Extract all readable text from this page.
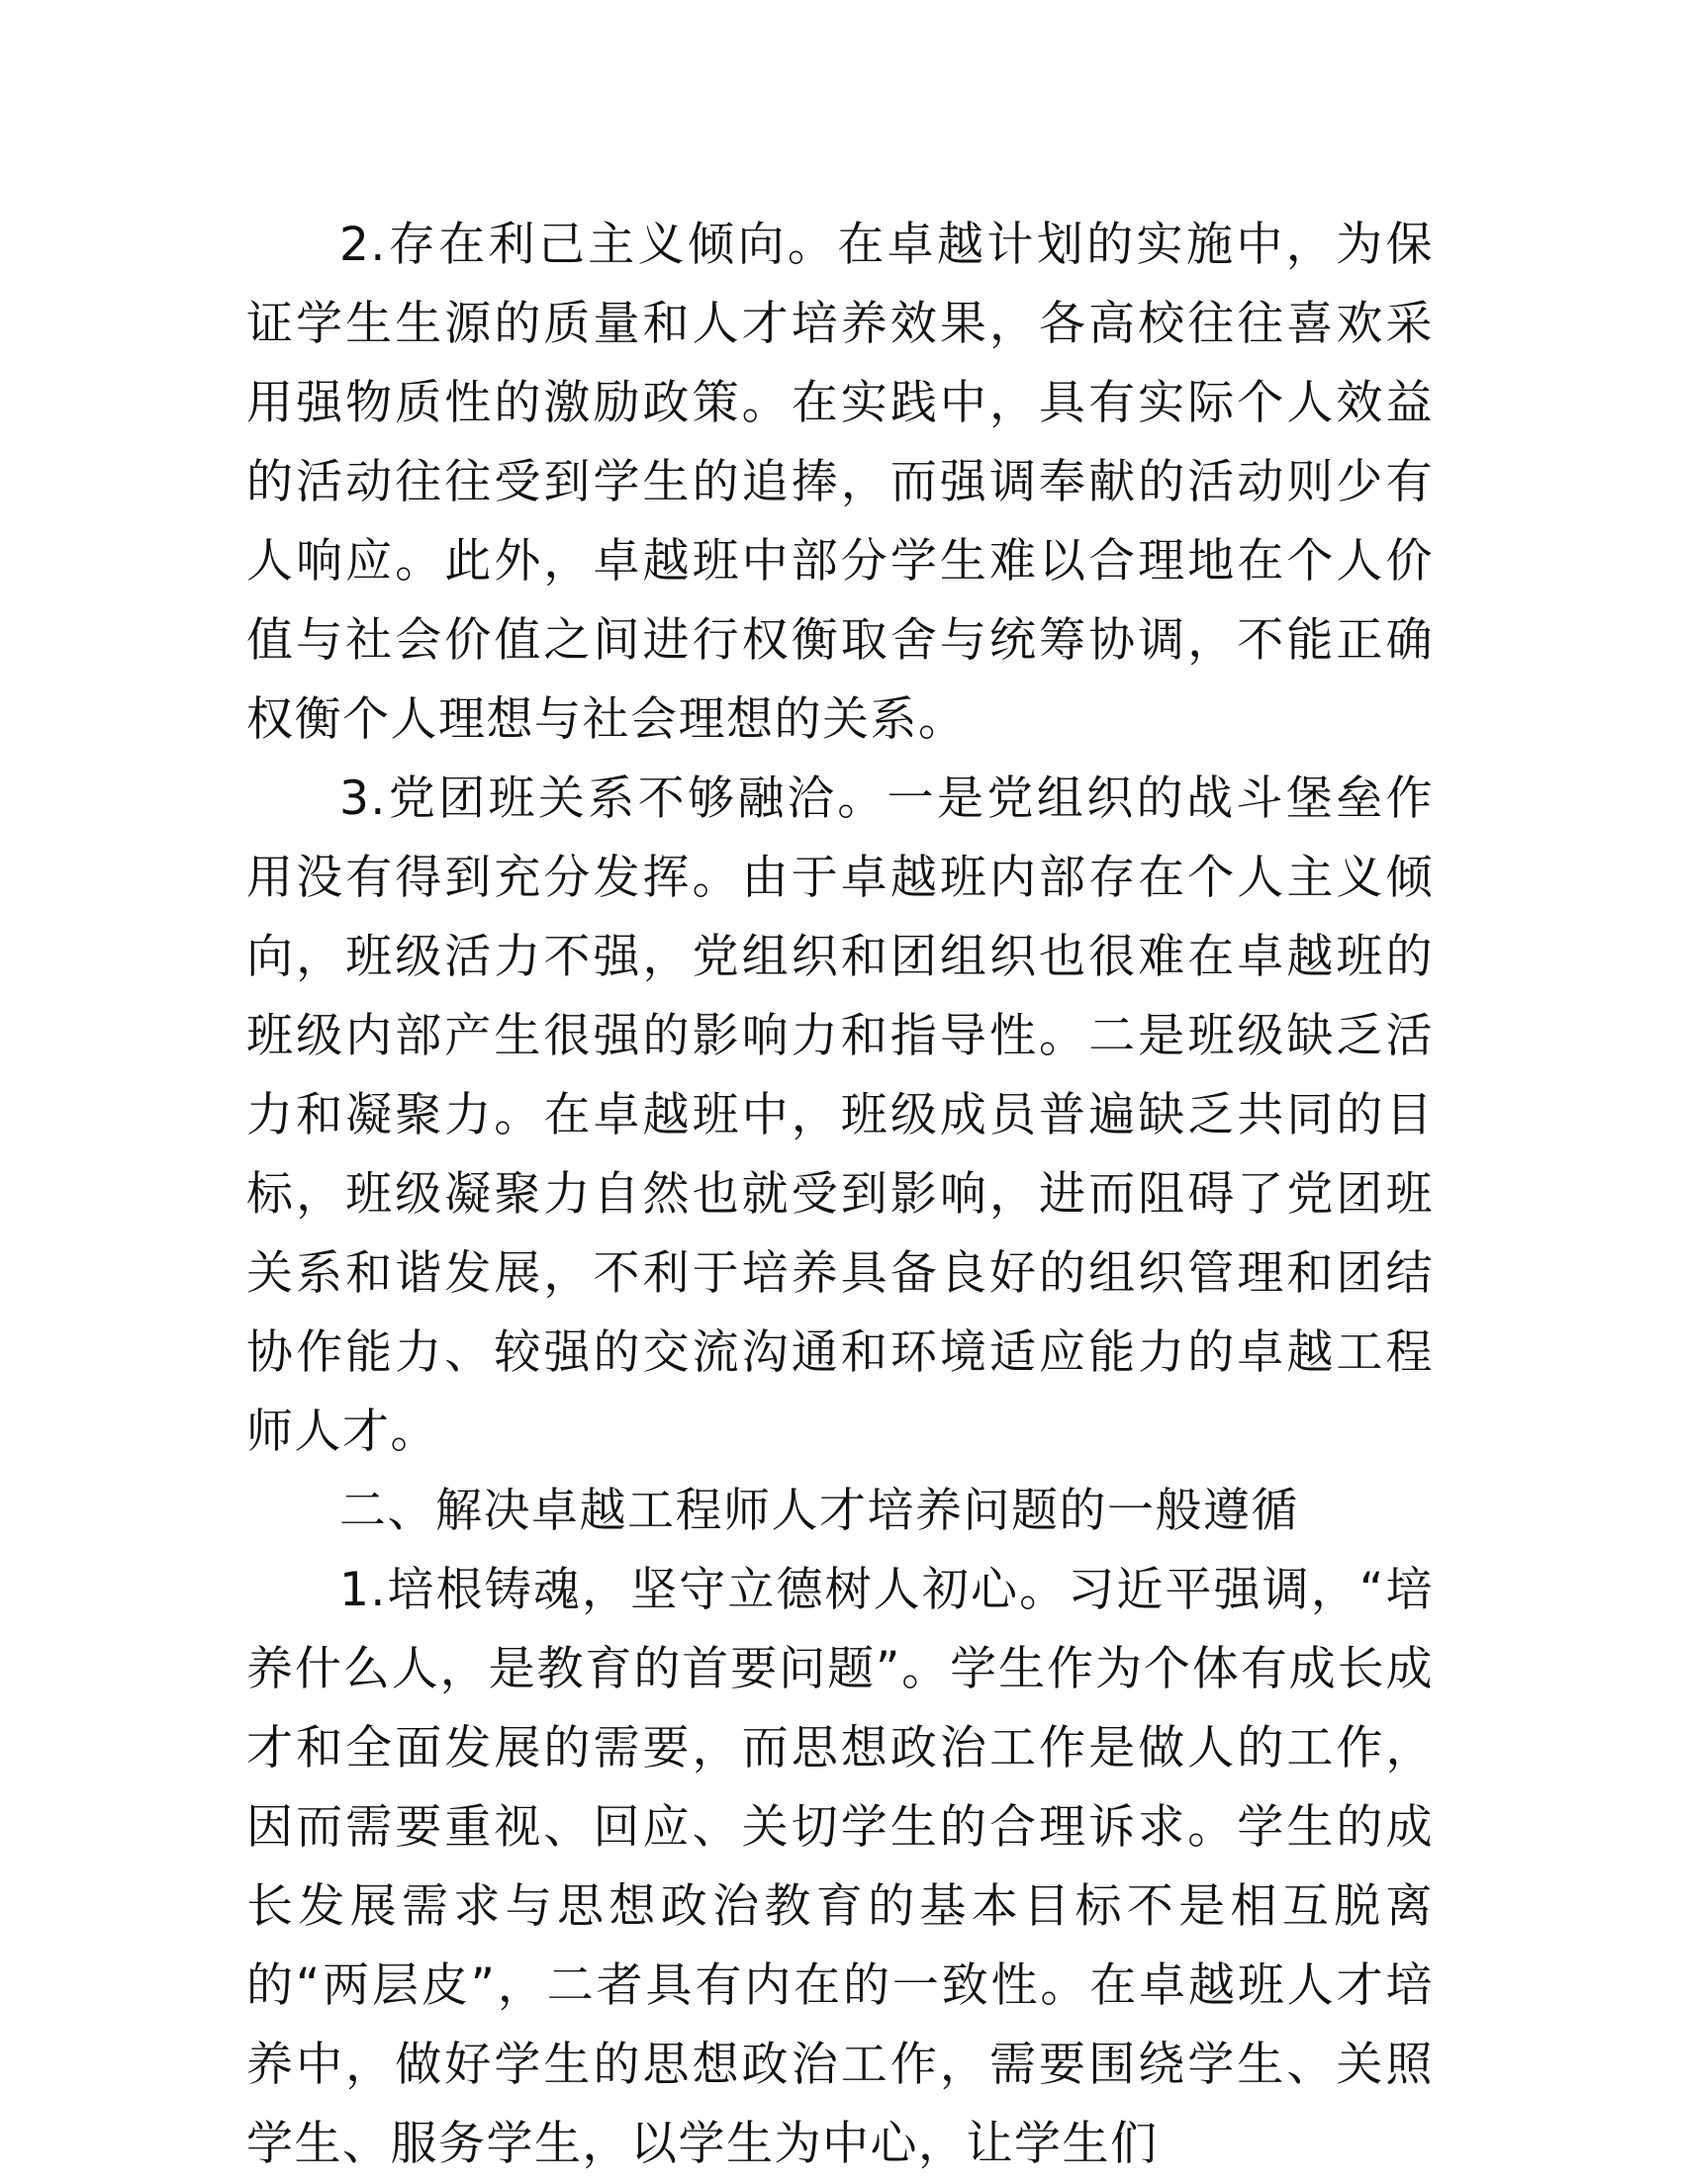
2.存在利己主义倾向。在卓越计划的实施中，为保证学生生源的质量和人才培养效果，各高校往往喜欢采用强物质性的激励政策。在实践中，具有实际个人效益的活动往往受到学生的追捧，而强调奉献的活动则少有人响应。此外，卓越班中部分学生难以合理地在个人价值与社会价值之间进行权衡取舍与统筹协调，不能正确权衡个人理想与社会理想的关系。

3.党团班关系不够融洽。一是党组织的战斗堡垒作用没有得到充分发挥。由于卓越班内部存在个人主义倾向，班级活力不强，党组织和团组织也很难在卓越班的班级内部产生很强的影响力和指导性。二是班级缺乏活力和凝聚力。在卓越班中，班级成员普遍缺乏共同的目标，班级凝聚力自然也就受到影响，进而阻碍了党团班关系和谐发展，不利于培养具备良好的组织管理和团结协作能力、较强的交流沟通和环境适应能力的卓越工程师人才。

二、解决卓越工程师人才培养问题的一般遵循

1.培根铸魂，坚守立德树人初心。习近平强调，“培养什么人，是教育的首要问题”。学生作为个体有成长成才和全面发展的需要，而思想政治工作是做人的工作，因而需要重视、回应、关切学生的合理诉求。学生的成长发展需求与思想政治教育的基本目标不是相互脱离的“两层皮”，二者具有内在的一致性。在卓越班人才培养中，做好学生的思想政治工作，需要围绕学生、关照学生、服务学生，以学生为中心，让学生们
